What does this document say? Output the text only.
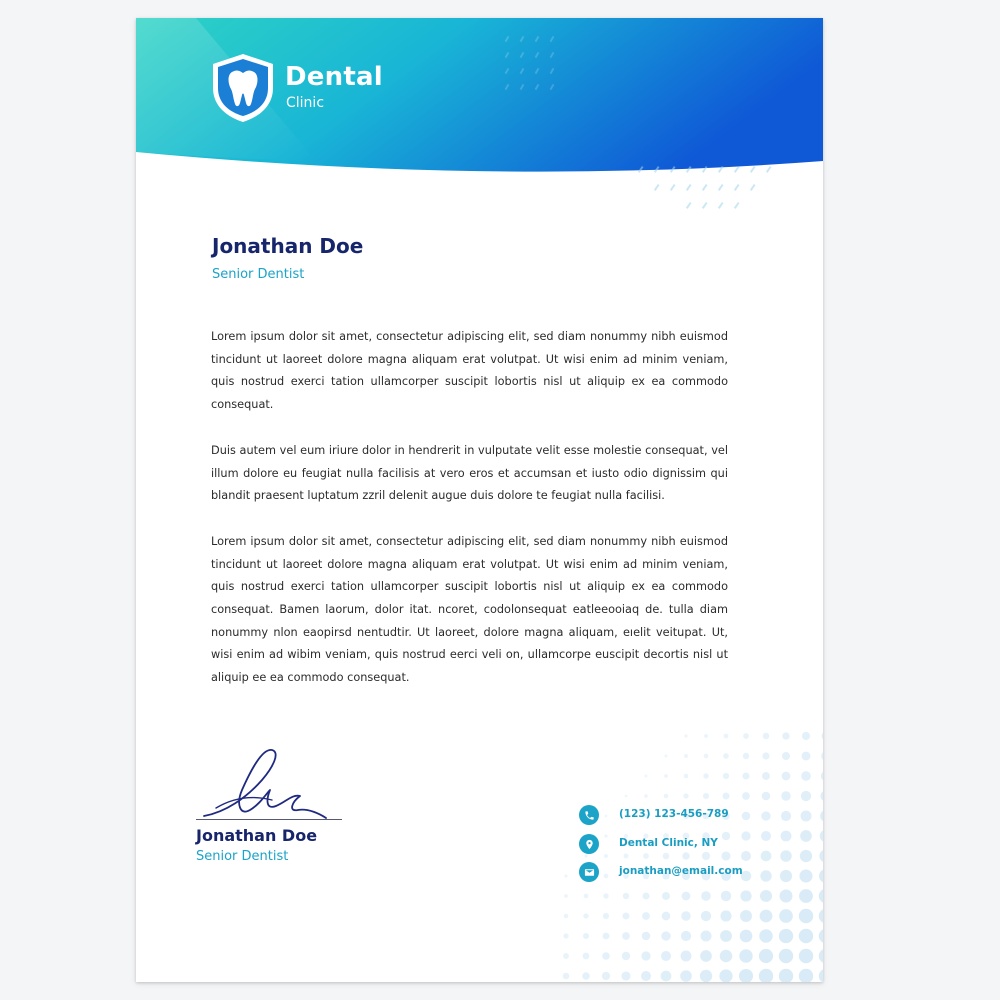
Dental
Clinic
Jonathan Doe
Senior Dentist

Lorem ipsum dolor sit amet, consectetur adipiscing elit, sed diam nonummy nibh euismod tincidunt ut laoreet dolore magna aliquam erat volutpat. Ut wisi enim ad minim veniam, quis nostrud exerci tation ullamcorper suscipit lobortis nisl ut aliquip ex ea commodo consequat.

Duis autem vel eum iriure dolor in hendrerit in vulputate velit esse molestie consequat, vel illum dolore eu feugiat nulla facilisis at vero eros et accumsan et iusto odio dignissim qui blandit praesent luptatum zzril delenit augue duis dolore te feugiat nulla facilisi.

Lorem ipsum dolor sit amet, consectetur adipiscing elit, sed diam nonummy nibh euismod tincidunt ut laoreet dolore magna aliquam erat volutpat. Ut wisi enim ad minim veniam, quis nostrud exerci tation ullamcorper suscipit lobortis nisl ut aliquip ex ea commodo consequat. Bamen laorum, dolor itat. ncoret, codolonsequat eatleeooiaq de. tulla diam nonummy nlon eaopirsd nentudtir. Ut laoreet, dolore magna aliquam, eıelit veitupat. Ut, wisi enim ad wibim veniam, quis nostrud eerci veli on, ullamcorpe euscipit decortis nisl ut aliquip ee ea commodo consequat.

Jonathan Doe
Senior Dentist
(123) 123-456-789
Dental Clinic, NY
jonathan@email.com
